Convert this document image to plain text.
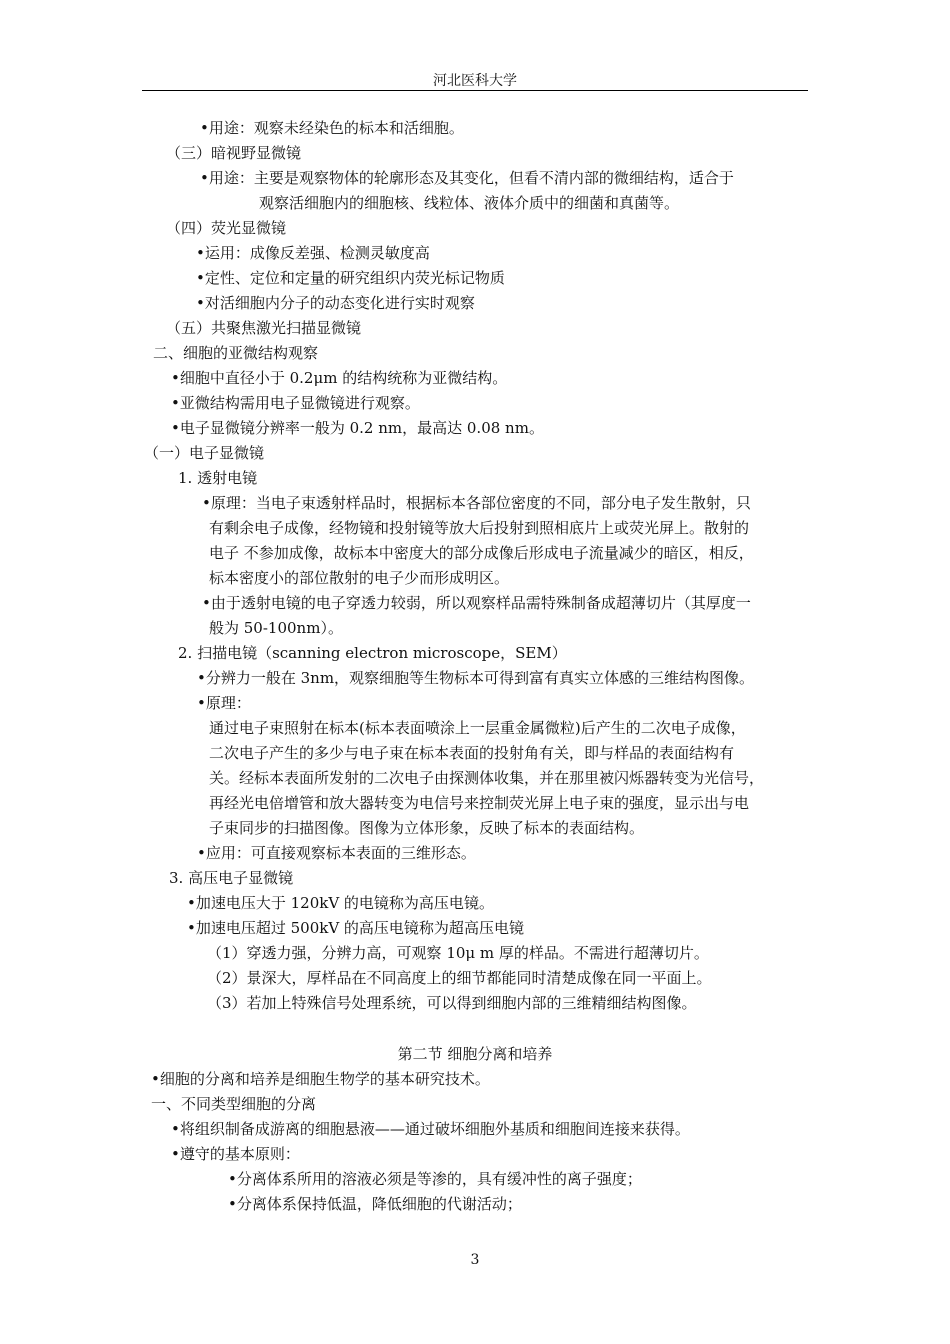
河北医科大学
•用途：观察未经染色的标本和活细胞。
（三）暗视野显微镜
•用途：主要是观察物体的轮廓形态及其变化，但看不清内部的微细结构，适合于
观察活细胞内的细胞核、线粒体、液体介质中的细菌和真菌等。
（四）荧光显微镜
•运用：成像反差强、检测灵敏度高
•定性、定位和定量的研究组织内荧光标记物质
•对活细胞内分子的动态变化进行实时观察
（五）共聚焦激光扫描显微镜
二、细胞的亚微结构观察
•细胞中直径小于 0.2μm 的结构统称为亚微结构。
•亚微结构需用电子显微镜进行观察。
•电子显微镜分辨率一般为 0.2 nm，最高达 0.08 nm。
（一）电子显微镜
1. 透射电镜
•原理：当电子束透射样品时，根据标本各部位密度的不同，部分电子发生散射，只
有剩余电子成像，经物镜和投射镜等放大后投射到照相底片上或荧光屏上。散射的
电子 不参加成像，故标本中密度大的部分成像后形成电子流量减少的暗区，相反，
标本密度小的部位散射的电子少而形成明区。
•由于透射电镜的电子穿透力较弱，所以观察样品需特殊制备成超薄切片（其厚度一
般为 50-100nm）。
2. 扫描电镜（scanning electron microscope，SEM）
•分辨力一般在 3nm，观察细胞等生物标本可得到富有真实立体感的三维结构图像。
•原理：
通过电子束照射在标本(标本表面喷涂上一层重金属微粒)后产生的二次电子成像，
二次电子产生的多少与电子束在标本表面的投射角有关，即与样品的表面结构有
关。经标本表面所发射的二次电子由探测体收集，并在那里被闪烁器转变为光信号，
再经光电倍增管和放大器转变为电信号来控制荧光屏上电子束的强度，显示出与电
子束同步的扫描图像。图像为立体形象，反映了标本的表面结构。
•应用：可直接观察标本表面的三维形态。
3. 高压电子显微镜
•加速电压大于 120kV 的电镜称为高压电镜。
•加速电压超过 500kV 的高压电镜称为超高压电镜
（1）穿透力强，分辨力高，可观察 10μ m 厚的样品。不需进行超薄切片。
（2）景深大，厚样品在不同高度上的细节都能同时清楚成像在同一平面上。
（3）若加上特殊信号处理系统，可以得到细胞内部的三维精细结构图像。
第二节 细胞分离和培养
•细胞的分离和培养是细胞生物学的基本研究技术。
一、不同类型细胞的分离
•将组织制备成游离的细胞悬液——通过破坏细胞外基质和细胞间连接来获得。
•遵守的基本原则：
•分离体系所用的溶液必须是等渗的，具有缓冲性的离子强度；
•分离体系保持低温，降低细胞的代谢活动；
3
